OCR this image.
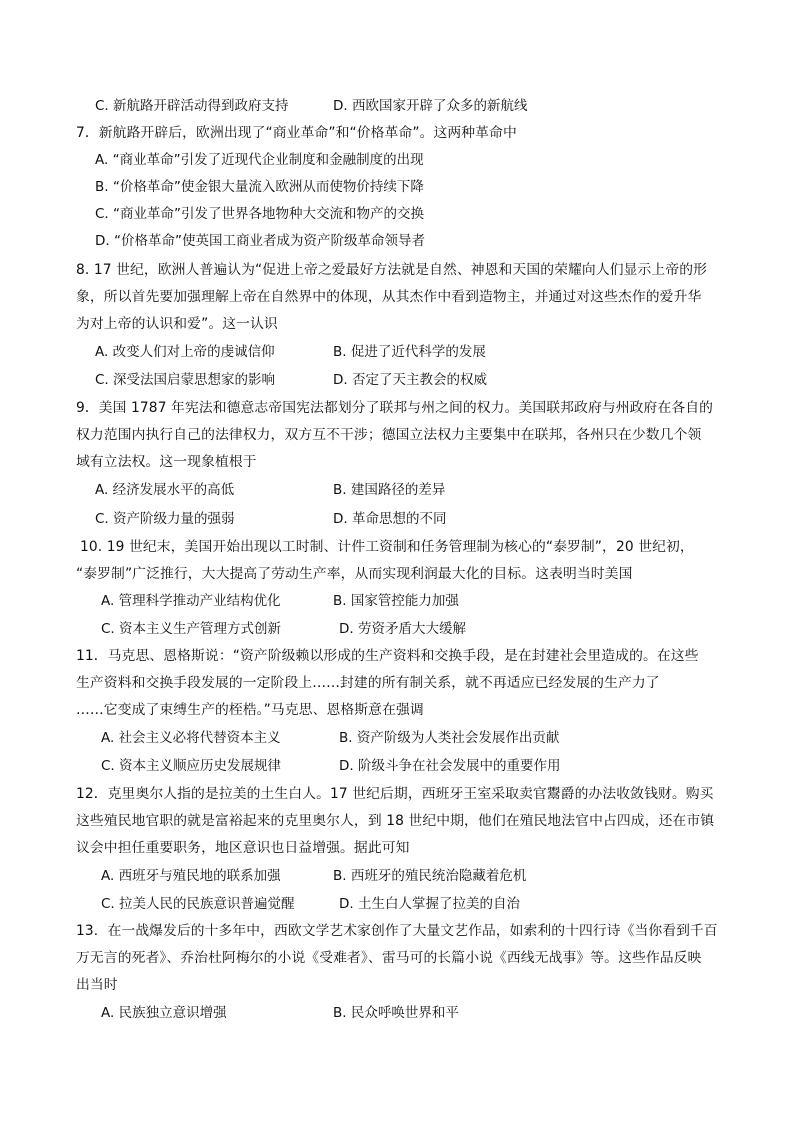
C. 新航路开辟活动得到政府支持	D. 西欧国家开辟了众多的新航线
7．新航路开辟后，欧洲出现了“商业革命”和“价格革命”。这两种革命中
A. “商业革命”引发了近现代企业制度和金融制度的出现
B. “价格革命”使金银大量流入欧洲从而使物价持续下降
C. “商业革命”引发了世界各地物种大交流和物产的交换
D. “价格革命”使英国工商业者成为资产阶级革命领导者
8. 17 世纪，欧洲人普遍认为“促进上帝之爱最好方法就是自然、神恩和天国的荣耀向人们显示上帝的形
象，所以首先要加强理解上帝在自然界中的体现，从其杰作中看到造物主，并通过对这些杰作的爱升华
为对上帝的认识和爱”。这一认识
A. 改变人们对上帝的虔诚信仰	B. 促进了近代科学的发展
C. 深受法国启蒙思想家的影响	D. 否定了天主教会的权威
9．美国 1787 年宪法和德意志帝国宪法都划分了联邦与州之间的权力。美国联邦政府与州政府在各自的
权力范围内执行自己的法律权力，双方互不干涉；德国立法权力主要集中在联邦，各州只在少数几个领
域有立法权。这一现象植根于
A. 经济发展水平的高低	B. 建国路径的差异
C. 资产阶级力量的强弱	D. 革命思想的不同
10. 19 世纪末，美国开始出现以工时制、计件工资制和任务管理制为核心的“泰罗制”，20 世纪初，
“泰罗制”广泛推行，大大提高了劳动生产率，从而实现利润最大化的目标。这表明当时美国
A. 管理科学推动产业结构优化	B. 国家管控能力加强
C. 资本主义生产管理方式创新	D. 劳资矛盾大大缓解
11．马克思、恩格斯说：“资产阶级赖以形成的生产资料和交换手段，是在封建社会里造成的。在这些
生产资料和交换手段发展的一定阶段上……封建的所有制关系，就不再适应已经发展的生产力了
……它变成了束缚生产的桎梏。”马克思、恩格斯意在强调
A. 社会主义必将代替资本主义	B. 资产阶级为人类社会发展作出贡献
C. 资本主义顺应历史发展规律	D. 阶级斗争在社会发展中的重要作用
12．克里奥尔人指的是拉美的土生白人。17 世纪后期，西班牙王室采取卖官鬻爵的办法收敛钱财。购买
这些殖民地官职的就是富裕起来的克里奥尔人，到 18 世纪中期，他们在殖民地法官中占四成，还在市镇
议会中担任重要职务，地区意识也日益增强。据此可知
A. 西班牙与殖民地的联系加强	B. 西班牙的殖民统治隐藏着危机
C. 拉美人民的民族意识普遍觉醒	D. 土生白人掌握了拉美的自治
13．在一战爆发后的十多年中，西欧文学艺术家创作了大量文艺作品，如索利的十四行诗《当你看到千百
万无言的死者》、乔治杜阿梅尔的小说《受难者》、雷马可的长篇小说《西线无战事》等。这些作品反映
出当时
A. 民族独立意识增强	B. 民众呼唤世界和平
